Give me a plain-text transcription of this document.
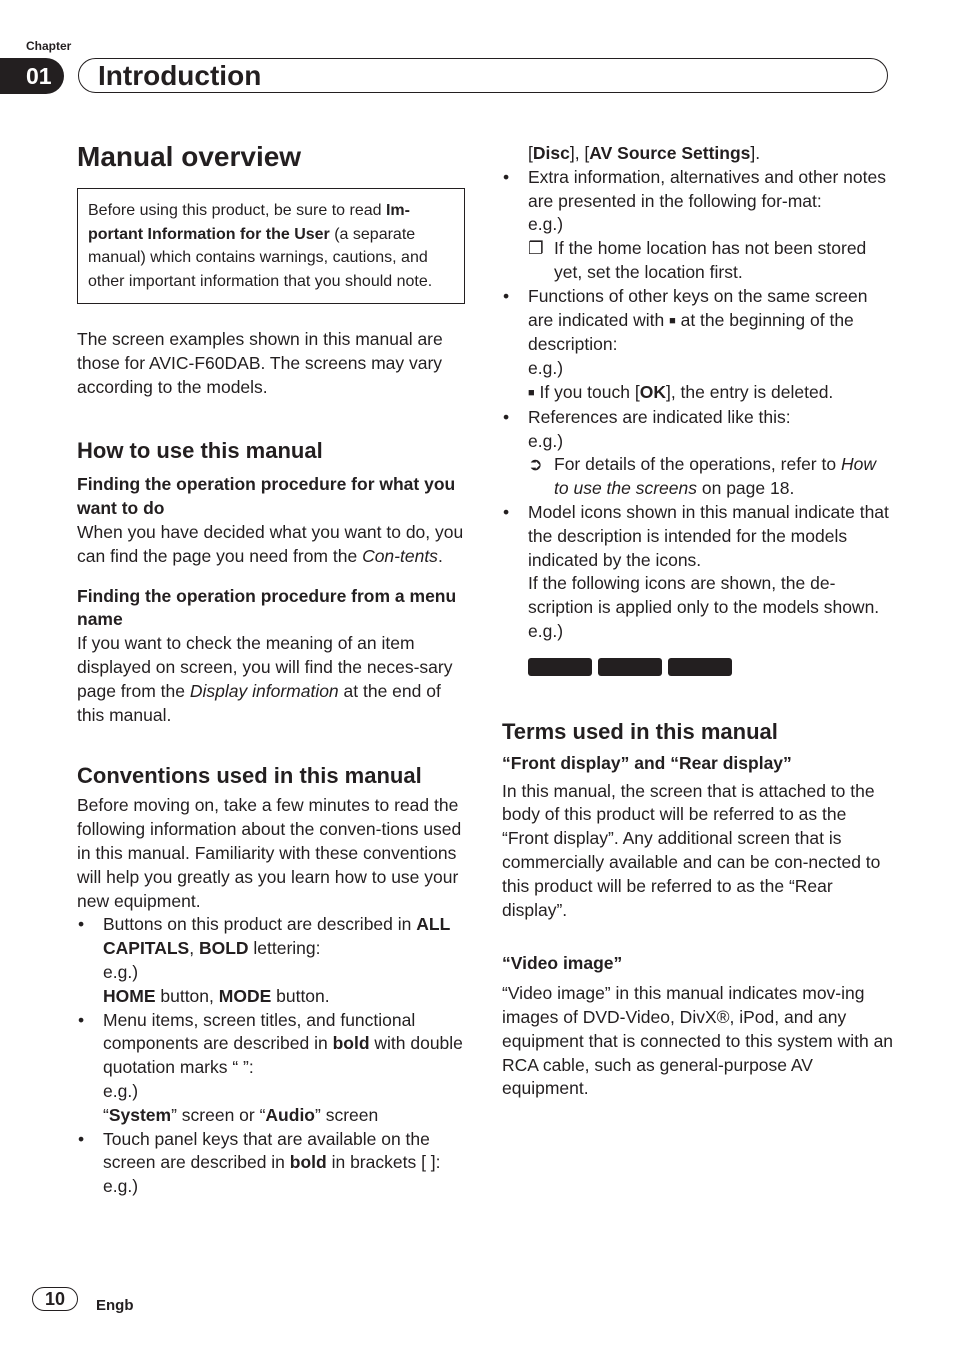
Chapter
01	Introduction
Manual overview
Before using this product, be sure to read Im-portant Information for the User (a separate manual) which contains warnings, cautions, and other important information that you should note.

The screen examples shown in this manual are those for AVIC-F60DAB. The screens may vary according to the models.

How to use this manual
Finding the operation procedure for what you want to do

When you have decided what you want to do, you can find the page you need from the Con-tents.

Finding the operation procedure from a menu name

If you want to check the meaning of an item displayed on screen, you will find the neces-sary page from the Display information at the end of this manual.

Conventions used in this manual

Before moving on, take a few minutes to read the following information about the conven-tions used in this manual. Familiarity with these conventions will help you greatly as you learn how to use your new equipment.

• Buttons on this product are described in ALL CAPITALS, BOLD lettering:
e.g.)
HOME button, MODE button.
• Menu items, screen titles, and functional components are described in bold with double quotation marks “ ”:
e.g.)
“System” screen or “Audio” screen
• Touch panel keys that are available on the screen are described in bold in brackets [ ]:
e.g.)

[Disc], [AV Source Settings].

• Extra information, alternatives and other notes are presented in the following for-mat:
e.g.)
❐ If the home location has not been stored yet, set the location first.
• Functions of other keys on the same screen are indicated with ■ at the beginning of the description:
e.g.)
■ If you touch [OK], the entry is deleted.
• References are indicated like this:
e.g.)
➲ For details of the operations, refer to How to use the screens on page 18.
• Model icons shown in this manual indicate that the description is intended for the models indicated by the icons.
If the following icons are shown, the de-scription is applied only to the models shown.
e.g.)
Terms used in this manual
“Front display” and “Rear display”

In this manual, the screen that is attached to the body of this product will be referred to as the “Front display”. Any additional screen that is commercially available and can be con-nected to this product will be referred to as the “Rear display”.

“Video image”

“Video image” in this manual indicates mov-ing images of DVD-Video, DivX®, iPod, and any equipment that is connected to this system with an RCA cable, such as general-purpose AV equipment.

10	Engb
